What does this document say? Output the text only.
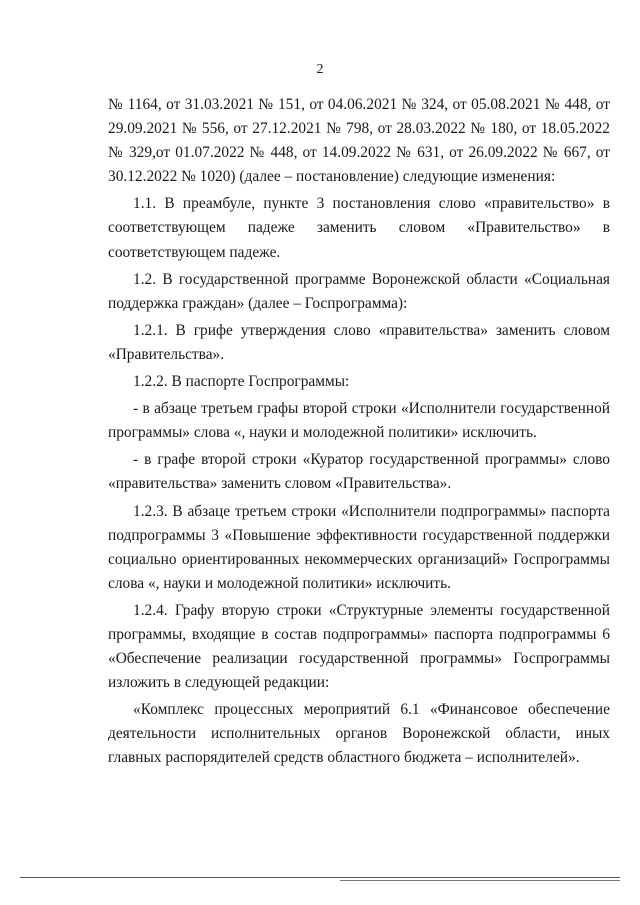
2

№ 1164, от 31.03.2021 № 151, от 04.06.2021 № 324, от 05.08.2021 № 448, от 29.09.2021 № 556, от 27.12.2021 № 798, от 28.03.2022 № 180, от 18.05.2022 № 329,от 01.07.2022 № 448, от 14.09.2022 № 631, от 26.09.2022 № 667, от 30.12.2022 № 1020) (далее – постановление) следующие изменения:

1.1. В преамбуле, пункте 3 постановления слово «правительство» в соответствующем падеже заменить словом «Правительство» в соответствующем падеже.

1.2. В государственной программе Воронежской области «Социальная поддержка граждан» (далее – Госпрограмма):

1.2.1. В грифе утверждения слово «правительства» заменить словом «Правительства».

1.2.2. В паспорте Госпрограммы:

- в абзаце третьем графы второй строки «Исполнители государственной программы» слова «, науки и молодежной политики» исключить.

- в графе второй строки «Куратор государственной программы» слово «правительства» заменить словом «Правительства».

1.2.3. В абзаце третьем строки «Исполнители подпрограммы» паспорта подпрограммы 3 «Повышение эффективности государственной поддержки социально ориентированных некоммерческих организаций» Госпрограммы слова «, науки и молодежной политики» исключить.

1.2.4. Графу вторую строки «Структурные элементы государственной программы, входящие в состав подпрограммы» паспорта подпрограммы 6 «Обеспечение реализации государственной программы» Госпрограммы изложить в следующей редакции:

«Комплекс процессных мероприятий 6.1 «Финансовое обеспечение деятельности исполнительных органов Воронежской области, иных главных распорядителей средств областного бюджета – исполнителей».
